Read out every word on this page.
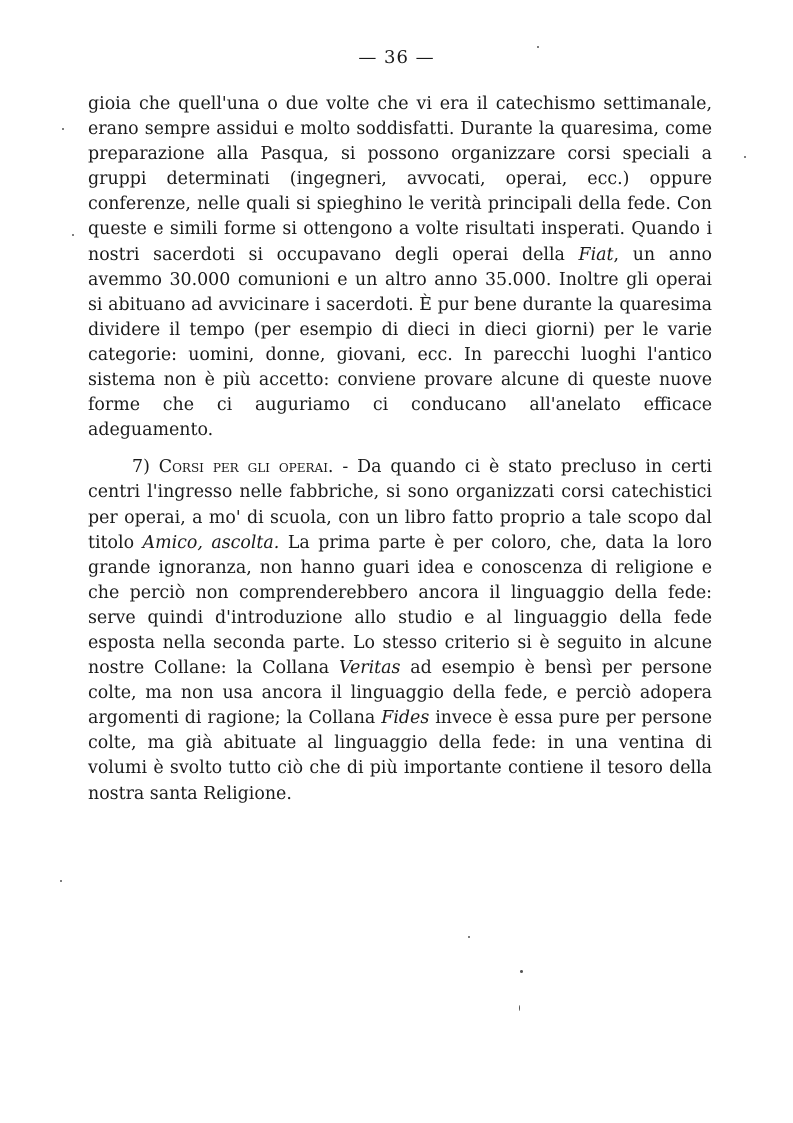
— 36 —

gioia che quell'una o due volte che vi era il catechismo settimanale, erano sempre assidui e molto soddisfatti. Durante la quaresima, come preparazione alla Pasqua, si possono organizzare corsi speciali a gruppi determinati (ingegneri, avvocati, operai, ecc.) oppure conferenze, nelle quali si spieghino le verità principali della fede. Con queste e simili forme si ottengono a volte risultati insperati. Quando i nostri sacerdoti si occupavano degli operai della Fiat, un anno avemmo 30.000 comunioni e un altro anno 35.000. Inoltre gli operai si abituano ad avvicinare i sacerdoti. È pur bene durante la quaresima dividere il tempo (per esempio di dieci in dieci giorni) per le varie categorie: uomini, donne, giovani, ecc. In parecchi luoghi l'antico sistema non è più accetto: conviene provare alcune di queste nuove forme che ci auguriamo ci conducano all'anelato efficace adeguamento.

7) Corsi per gli operai. - Da quando ci è stato precluso in certi centri l'ingresso nelle fabbriche, si sono organizzati corsi catechistici per operai, a mo' di scuola, con un libro fatto proprio a tale scopo dal titolo Amico, ascolta. La prima parte è per coloro, che, data la loro grande ignoranza, non hanno guari idea e conoscenza di religione e che perciò non comprenderebbero ancora il linguaggio della fede: serve quindi d'introduzione allo studio e al linguaggio della fede esposta nella seconda parte. Lo stesso criterio si è seguito in alcune nostre Collane: la Collana Veritas ad esempio è bensì per persone colte, ma non usa ancora il linguaggio della fede, e perciò adopera argomenti di ragione; la Collana Fides invece è essa pure per persone colte, ma già abituate al linguaggio della fede: in una ventina di volumi è svolto tutto ciò che di più importante contiene il tesoro della nostra santa Religione.
